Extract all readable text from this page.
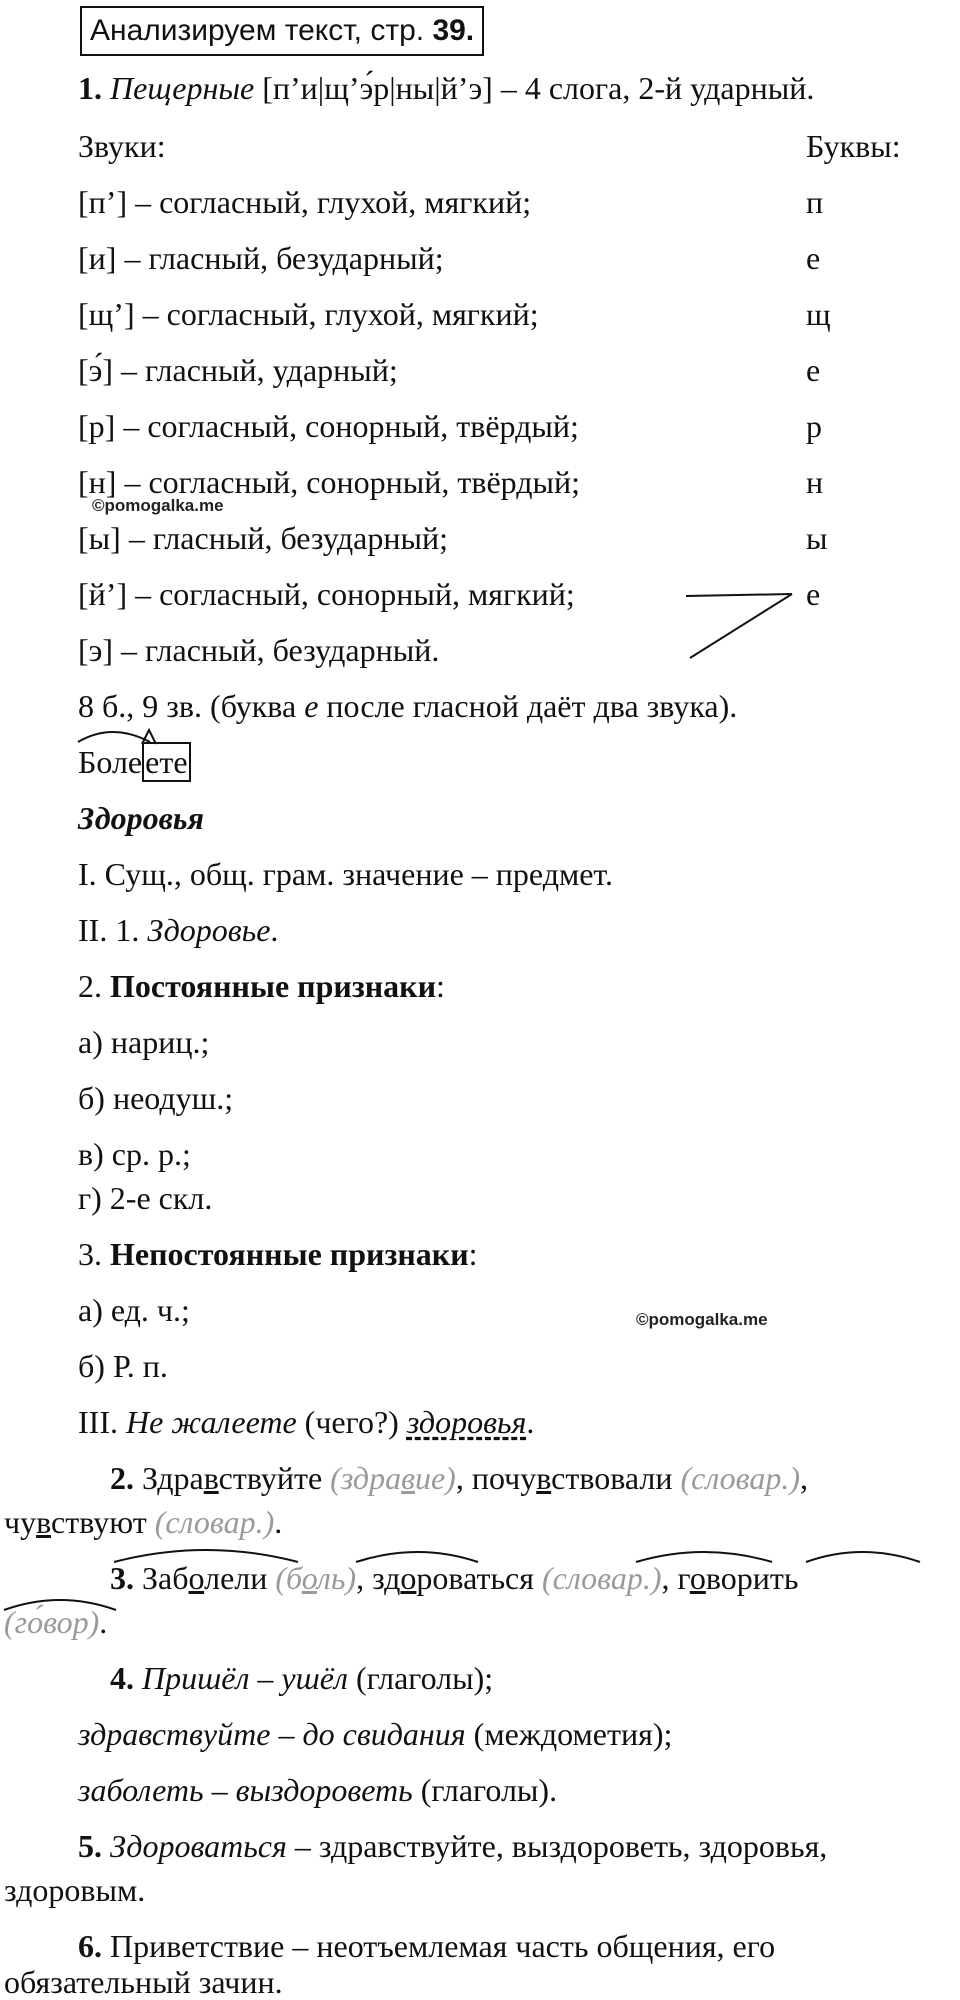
Анализируем текст, стр. 39.
1. Пещерные [п’и|щ’э́р|ны|й’э] – 4 слога, 2-й ударный.
Звуки:	Буквы:
[п’] – согласный, глухой, мягкий;
[и] – гласный, безударный;
[щ’] – согласный, глухой, мягкий;
[э́] – гласный, ударный;
[р] – согласный, сонорный, твёрдый;
[н] – согласный, сонорный, твёрдый;
[ы] – гласный, безударный;
[й’] – согласный, сонорный, мягкий;
[э] – гласный, безударный.
п
е
щ
е
р
н
ы
е
©pomogalka.me
8 б., 9 зв. (буква е после гласной даёт два звука).
Болеете
Здоровья
I. Сущ., общ. грам. значение – предмет.
II. 1. Здоровье.
2. Постоянные признаки:
а) нариц.;
б) неодуш.;
в) ср. р.;
г) 2-е скл.
3. Непостоянные признаки:
а) ед. ч.;	©pomogalka.me
б) Р. п.
III. Не жалеете (чего?) здоровья.
2. Здравствуйте (здравие), почувствовали (словар.),
чувствуют (словар.).
3. Заболели (боль), здороваться (словар.), говорить
(го́вор).
4. Пришёл – ушёл (глаголы);
здравствуйте – до свидания (междометия);
заболеть – выздороветь (глаголы).
5. Здороваться – здравствуйте, выздороветь, здоровья,
здоровым.
6. Приветствие – неотъемлемая часть общения, его
обязательный зачин.
